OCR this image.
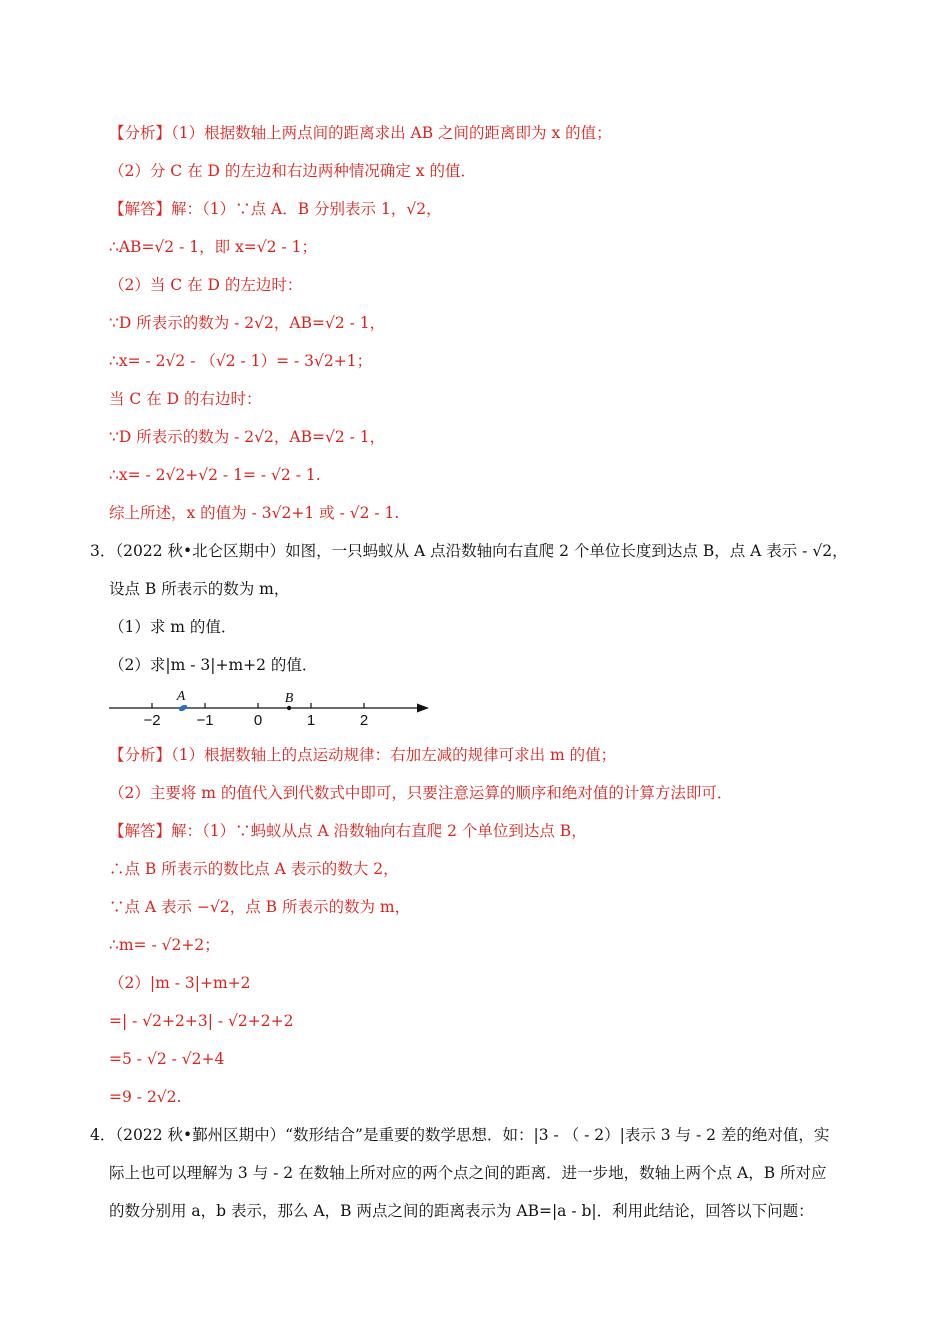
【分析】（1）根据数轴上两点间的距离求出 AB 之间的距离即为 x 的值；
（2）分 C 在 D 的左边和右边两种情况确定 x 的值．
【解答】解：（1）∵点 A．B 分别表示 1，√2，
∴AB=√2 - 1，即 x=√2 - 1；
（2）当 C 在 D 的左边时：
∵D 所表示的数为 - 2√2，AB=√2 - 1，
∴x= - 2√2 - （√2 - 1）= - 3√2+1；
当 C 在 D 的右边时：
∵D 所表示的数为 - 2√2，AB=√2 - 1，
∴x= - 2√2+√2 - 1= - √2 - 1.
综上所述，x 的值为 - 3√2+1 或 - √2 - 1.
3．（2022 秋•北仑区期中）如图，一只蚂蚁从 A 点沿数轴向右直爬 2 个单位长度到达点 B，点 A 表示 - √2，
设点 B 所表示的数为 m，
（1）求 m 的值．
（2）求|m - 3|+m+2 的值．
−2 −1	0	1	2
A	B
【分析】（1）根据数轴上的点运动规律：右加左减的规律可求出 m 的值；
（2）主要将 m 的值代入到代数式中即可，只要注意运算的顺序和绝对值的计算方法即可．
【解答】解：（1）∵蚂蚁从点 A 沿数轴向右直爬 2 个单位到达点 B，
∴点 B 所表示的数比点 A 表示的数大 2，
∵点 A 表示 −√2，点 B 所表示的数为 m，
∴m= - √2+2；
（2）|m - 3|+m+2
=| - √2+2+3| - √2+2+2
=5 - √2 - √2+4
=9 - 2√2.
4．（2022 秋•鄞州区期中）“数形结合”是重要的数学思想．如：|3 - （ - 2）|表示 3 与 - 2 差的绝对值，实
际上也可以理解为 3 与 - 2 在数轴上所对应的两个点之间的距离．进一步地，数轴上两个点 A，B 所对应
的数分别用 a，b 表示，那么 A，B 两点之间的距离表示为 AB=|a - b|．利用此结论，回答以下问题：
